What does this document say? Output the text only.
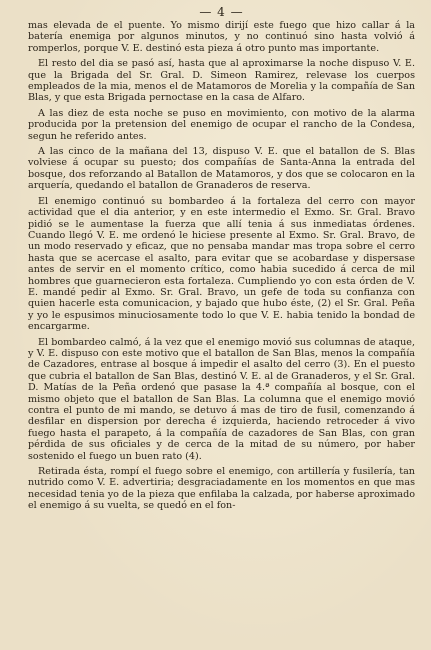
— 4 —

mas elevada de el puente. Yo mismo dirijí este fuego que hizo callar á la batería enemiga por algunos minutos, y no continuó sino hasta volvió á romperlos, porque V. E. destinó esta pieza á otro punto mas importante.

El resto del dia se pasó así, hasta que al aproximarse la noche dispuso V. E. que la Brigada del Sr. Gral. D. Simeon Ramirez, relevase los cuerpos empleados de la mia, menos el de Matamoros de Morelia y la compañía de San Blas, y que esta Brigada pernoctase en la casa de Alfaro.

A las diez de esta noche se puso en movimiento, con motivo de la alarma producida por la pretension del enemigo de ocupar el rancho de la Condesa, segun he referido antes.

A las cinco de la mañana del 13, dispuso V. E. que el batallon de S. Blas volviese á ocupar su puesto; dos compañías de Santa-Anna la entrada del bosque, dos reforzando al Batallon de Matamoros, y dos que se colocaron en la arquería, quedando el batallon de Granaderos de reserva.

El enemigo continuó su bombardeo á la fortaleza del cerro con mayor actividad que el dia anterior, y en este intermedio el Exmo. Sr. Gral. Bravo pidió se le aumentase la fuerza que allí tenia á sus inmediatas órdenes. Cuando llegó V. E. me ordenó le hiciese presente al Exmo. Sr. Gral. Bravo, de un modo reservado y eficaz, que no pensaba mandar mas tropa sobre el cerro hasta que se acercase el asalto, para evitar que se acobardase y dispersase antes de servir en el momento crítico, como habia sucedido á cerca de mil hombres que guarnecieron esta fortaleza. Cumpliendo yo con esta órden de V. E. mandé pedir al Exmo. Sr. Gral. Bravo, un gefe de toda su confianza con quien hacerle esta comunicacion, y bajado que hubo éste, (2) el Sr. Gral. Peña y yo le espusimos minuciosamente todo lo que V. E. habia tenido la bondad de encargarme.

El bombardeo calmó, á la vez que el enemigo movió sus columnas de ataque, y V. E. dispuso con este motivo que el batallon de San Blas, menos la compañía de Cazadores, entrase al bosque á impedir el asalto del cerro (3). En el puesto que cubria el batallon de San Blas, destinó V. E. al de Granaderos, y el Sr. Gral. D. Matías de la Peña ordenó que pasase la 4.ª compañía al bosque, con el mismo objeto que el batallon de San Blas. La columna que el enemigo movió contra el punto de mi mando, se detuvo á mas de tiro de fusil, comenzando á desfilar en dispersion por derecha é izquierda, haciendo retroceder á vivo fuego hasta el parapeto, á la compañía de cazadores de San Blas, con gran pérdida de sus oficiales y de cerca de la mitad de su número, por haber sostenido el fuego un buen rato (4).

Retirada ésta, rompí el fuego sobre el enemigo, con artillería y fusilería, tan nutrido como V. E. advertiria; desgraciadamente en los momentos en que mas necesidad tenia yo de la pieza que enfilaba la calzada, por haberse aproximado el enemigo á su vuelta, se quedó en el fon-
